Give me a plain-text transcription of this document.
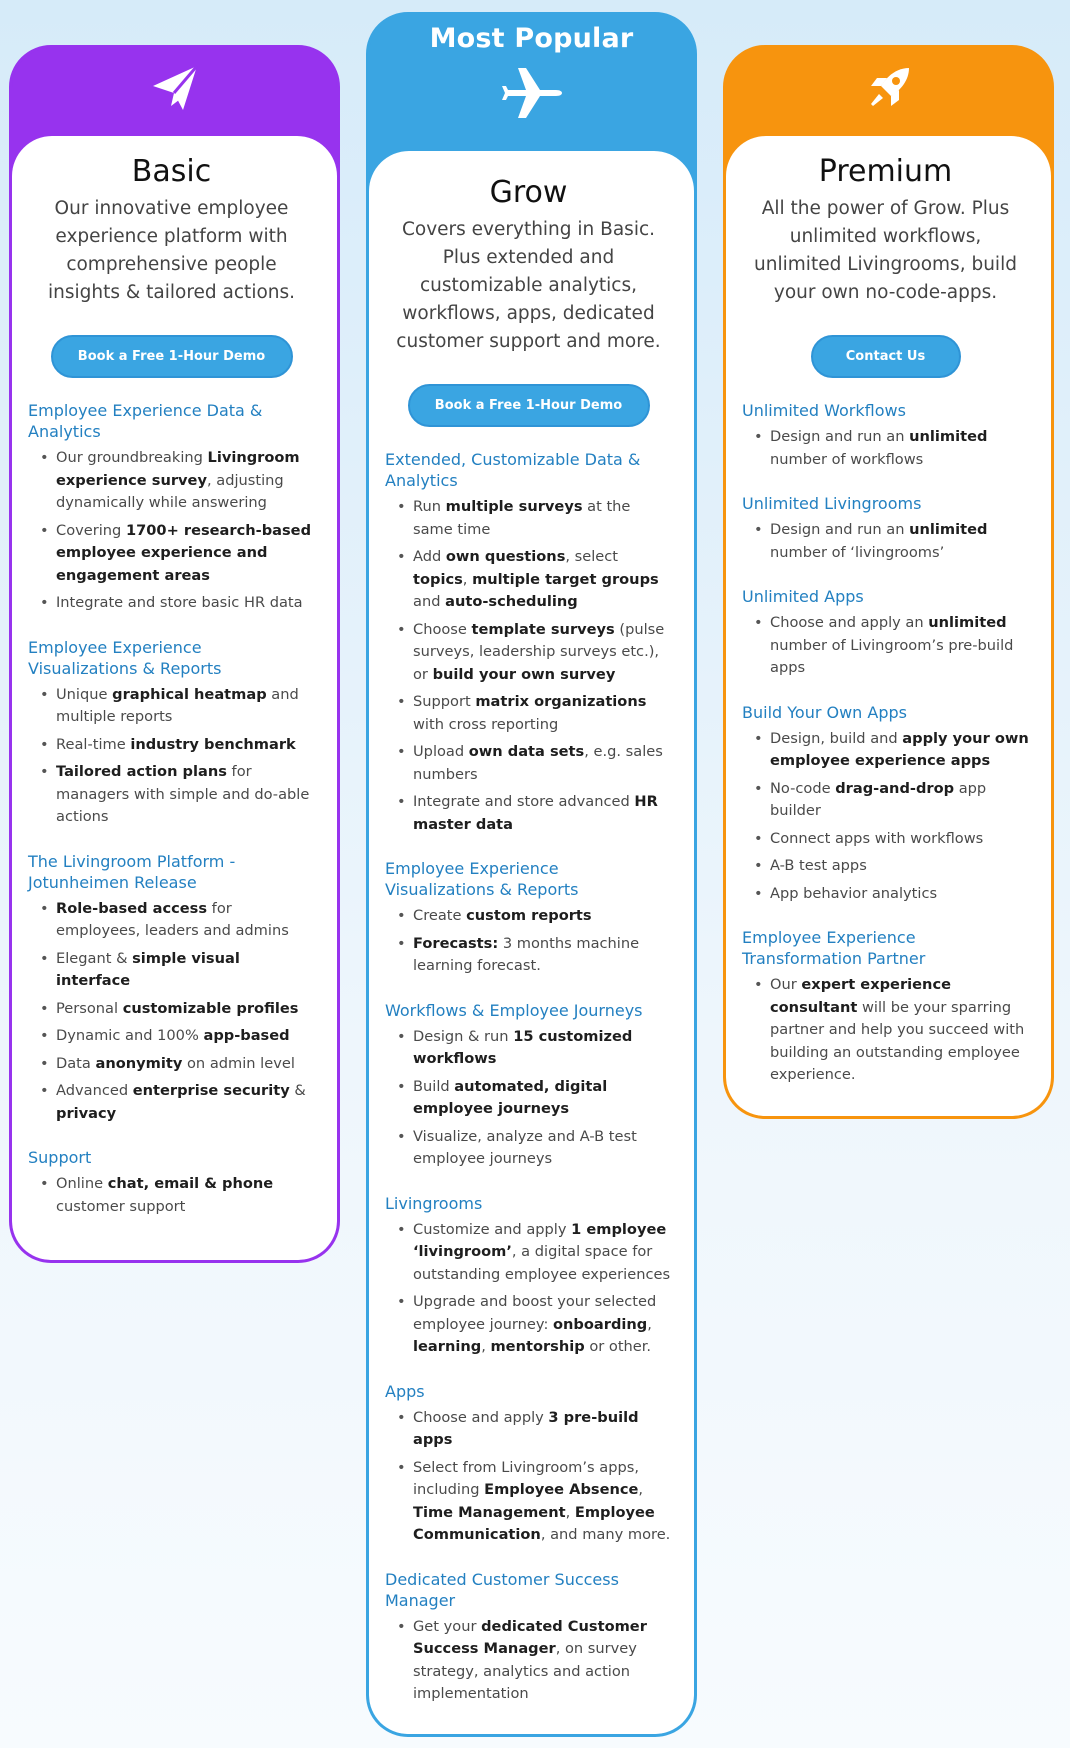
Basic

Our innovative employee experience platform with comprehensive people insights & tailored actions.

Book a Free 1-Hour Demo
Employee Experience Data & Analytics
• Our groundbreaking Livingroom experience survey, adjusting dynamically while answering
• Covering 1700+ research-based employee experience and engagement areas
• Integrate and store basic HR data
Employee Experience Visualizations & Reports
• Unique graphical heatmap and multiple reports
• Real-time industry benchmark
• Tailored action plans for managers with simple and do-able actions
The Livingroom Platform - Jotunheimen Release
• Role-based access for employees, leaders and admins
• Elegant & simple visual interface
• Personal customizable profiles
• Dynamic and 100% app-based
• Data anonymity on admin level
• Advanced enterprise security & privacy
Support
• Online chat, email & phone customer support
Most Popular
Grow

Covers everything in Basic. Plus extended and customizable analytics, workflows, apps, dedicated customer support and more.

Book a Free 1-Hour Demo
Extended, Customizable Data & Analytics
• Run multiple surveys at the same time
• Add own questions, select topics, multiple target groups and auto-scheduling
• Choose template surveys (pulse surveys, leadership surveys etc.), or build your own survey
• Support matrix organizations with cross reporting
• Upload own data sets, e.g. sales numbers
• Integrate and store advanced HR master data
Employee Experience Visualizations & Reports
• Create custom reports
• Forecasts: 3 months machine learning forecast.
Workflows & Employee Journeys
• Design & run 15 customized workflows
• Build automated, digital employee journeys
• Visualize, analyze and A-B test employee journeys
Livingrooms
• Customize and apply 1 employee ‘livingroom’, a digital space for outstanding employee experiences
• Upgrade and boost your selected employee journey: onboarding, learning, mentorship or other.
Apps
• Choose and apply 3 pre-build apps
• Select from Livingroom’s apps, including Employee Absence, Time Management, Employee Communication, and many more.
Dedicated Customer Success Manager
• Get your dedicated Customer Success Manager, on survey strategy, analytics and action implementation
Premium

All the power of Grow. Plus unlimited workflows, unlimited Livingrooms, build your own no-code-apps.

Contact Us
Unlimited Workflows
• Design and run an unlimited number of workflows
Unlimited Livingrooms
• Design and run an unlimited number of ‘livingrooms’
Unlimited Apps
• Choose and apply an unlimited number of Livingroom’s pre-build apps
Build Your Own Apps
• Design, build and apply your own employee experience apps
• No-code drag-and-drop app builder
• Connect apps with workflows
• A-B test apps
• App behavior analytics
Employee Experience Transformation Partner
• Our expert experience consultant will be your sparring partner and help you succeed with building an outstanding employee experience.
